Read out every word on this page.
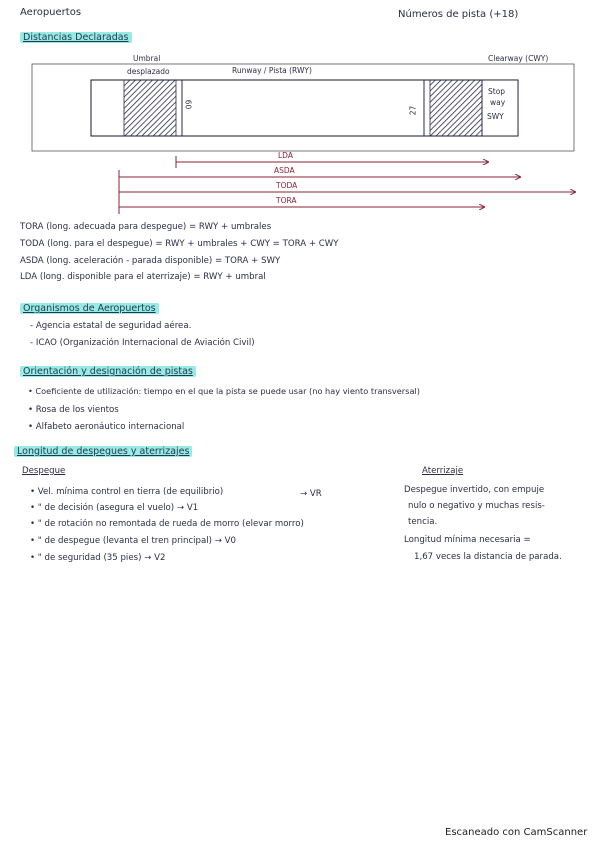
Aeropuertos	Números de pista (+18)
Distancias Declaradas
Umbral
desplazado	Runway / Pista (RWY)
Clearway (CWY)
09
27
Stop
way
SWY
LDA
ASDA
TODA
TORA
TORA (long. adecuada para despegue) = RWY + umbrales
TODA (long. para el despegue) = RWY + umbrales + CWY = TORA + CWY
ASDA (long. aceleración - parada disponible) = TORA + SWY
LDA (long. disponible para el aterrizaje) = RWY + umbral
Organismos de Aeropuertos
- Agencia estatal de seguridad aérea.
- ICAO (Organización Internacional de Aviación Civil)
Orientación y designación de pistas
• Coeficiente de utilización: tiempo en el que la pista se puede usar (no hay viento transversal)
• Rosa de los vientos
• Alfabeto aeronáutico internacional
Longitud de despegues y aterrizajes
Despegue
• Vel. mínima control en tierra (de equilibrio)
• " de decisión (asegura el vuelo) → V1
• " de rotación no remontada de rueda de morro (elevar morro)
• " de despegue (levanta el tren principal) → V0
• " de seguridad (35 pies) → V2
→ VR
Aterrizaje
Despegue invertido, con empuje
nulo o negativo y muchas resis-
tencia.
Longitud mínima necesaria =
1,67 veces la distancia de parada.
Escaneado con CamScanner
